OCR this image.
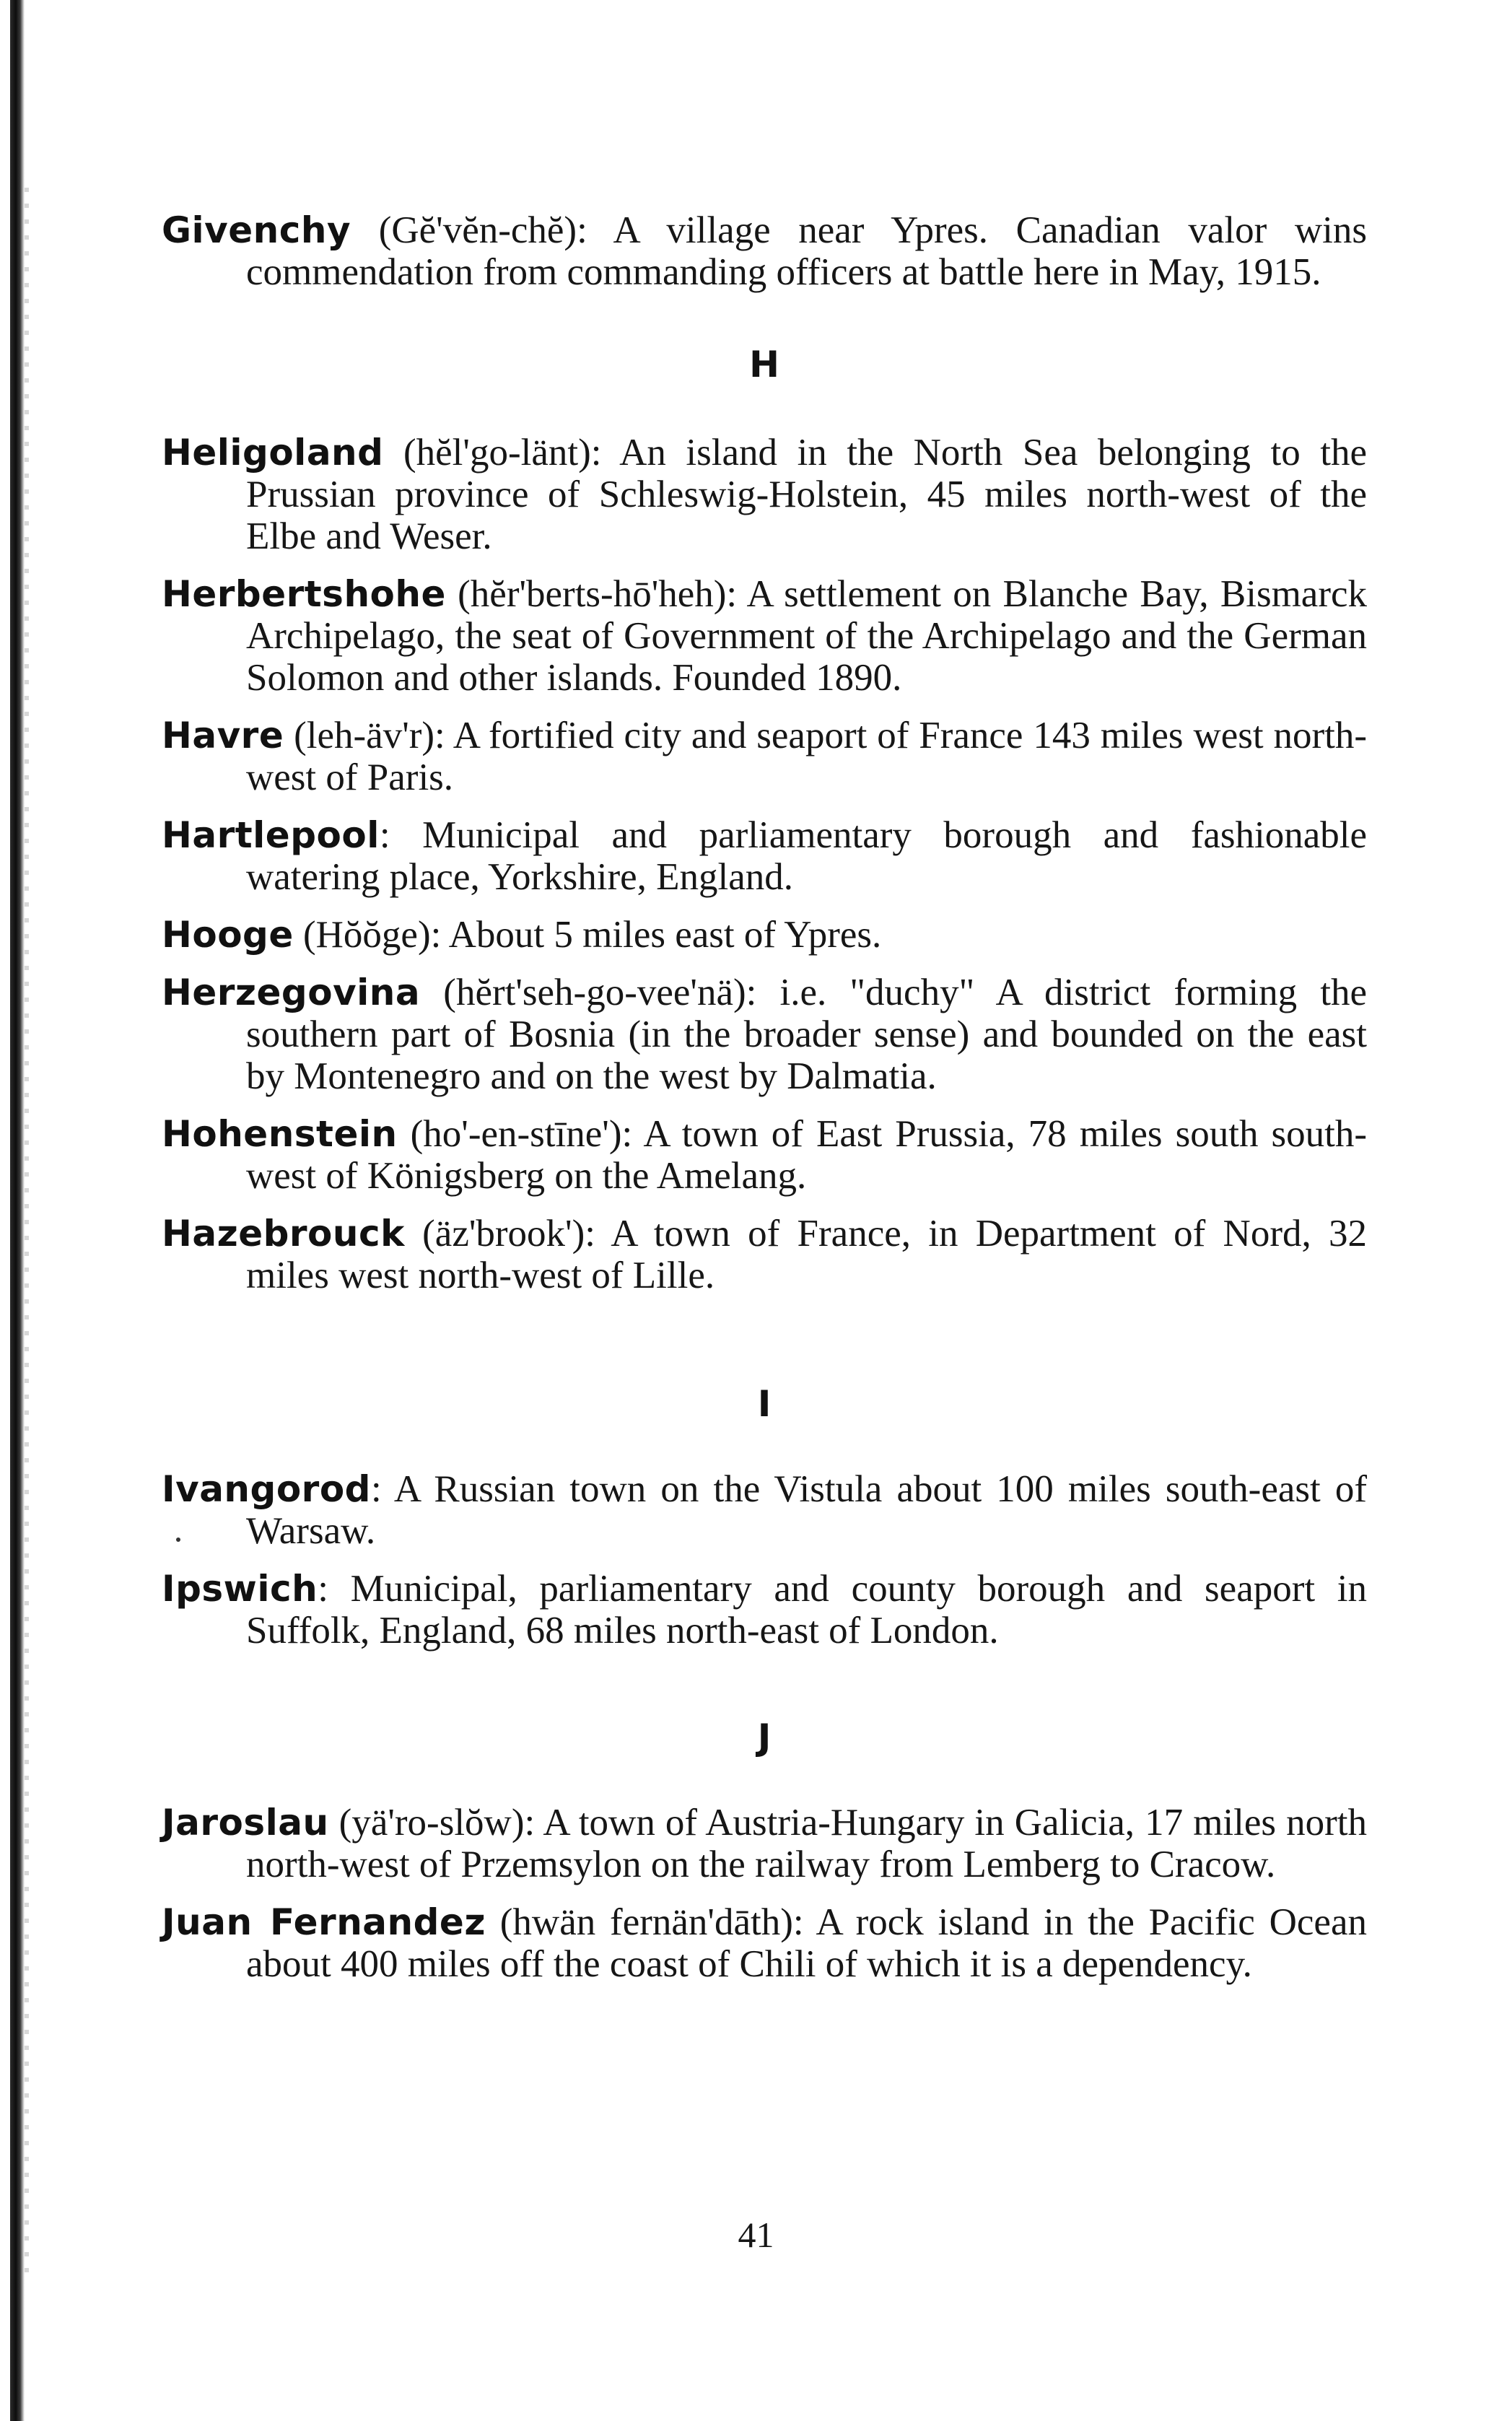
Givenchy (Gĕ'vĕn-chĕ): A village near Ypres. Canadian valor wins commendation from commanding officers at battle here in May, 1915.

H

Heligoland (hĕl'go-länt): An island in the North Sea belonging to the Prussian province of Schleswig-Holstein, 45 miles north-west of the Elbe and Weser.

Herbertshohe (hĕr'berts-hō'heh): A settlement on Blanche Bay, Bismarck Archipelago, the seat of Government of the Archipelago and the German Solomon and other islands. Founded 1890.

Havre (leh-äv'r): A fortified city and seaport of France 143 miles west north-west of Paris.

Hartlepool: Municipal and parliamentary borough and fashionable watering place, Yorkshire, England.

Hooge (Hŏŏge): About 5 miles east of Ypres.

Herzegovina (hĕrt'seh-go-vee'nä): i.e. "duchy" A district forming the southern part of Bosnia (in the broader sense) and bounded on the east by Montenegro and on the west by Dalmatia.

Hohenstein (ho'-en-stīne'): A town of East Prussia, 78 miles south south-west of Königsberg on the Amelang.

Hazebrouck (äz'brook'): A town of France, in Department of Nord, 32 miles west north-west of Lille.

I

Ivangorod: A Russian town on the Vistula about 100 miles south-east of Warsaw.

Ipswich: Municipal, parliamentary and county borough and seaport in Suffolk, England, 68 miles north-east of London.

J

Jaroslau (yä'ro-slŏw): A town of Austria-Hungary in Galicia, 17 miles north north-west of Przemsylon on the railway from Lemberg to Cracow.

Juan Fernandez (hwän fernän'dāth): A rock island in the Pacific Ocean about 400 miles off the coast of Chili of which it is a dependency.

41
